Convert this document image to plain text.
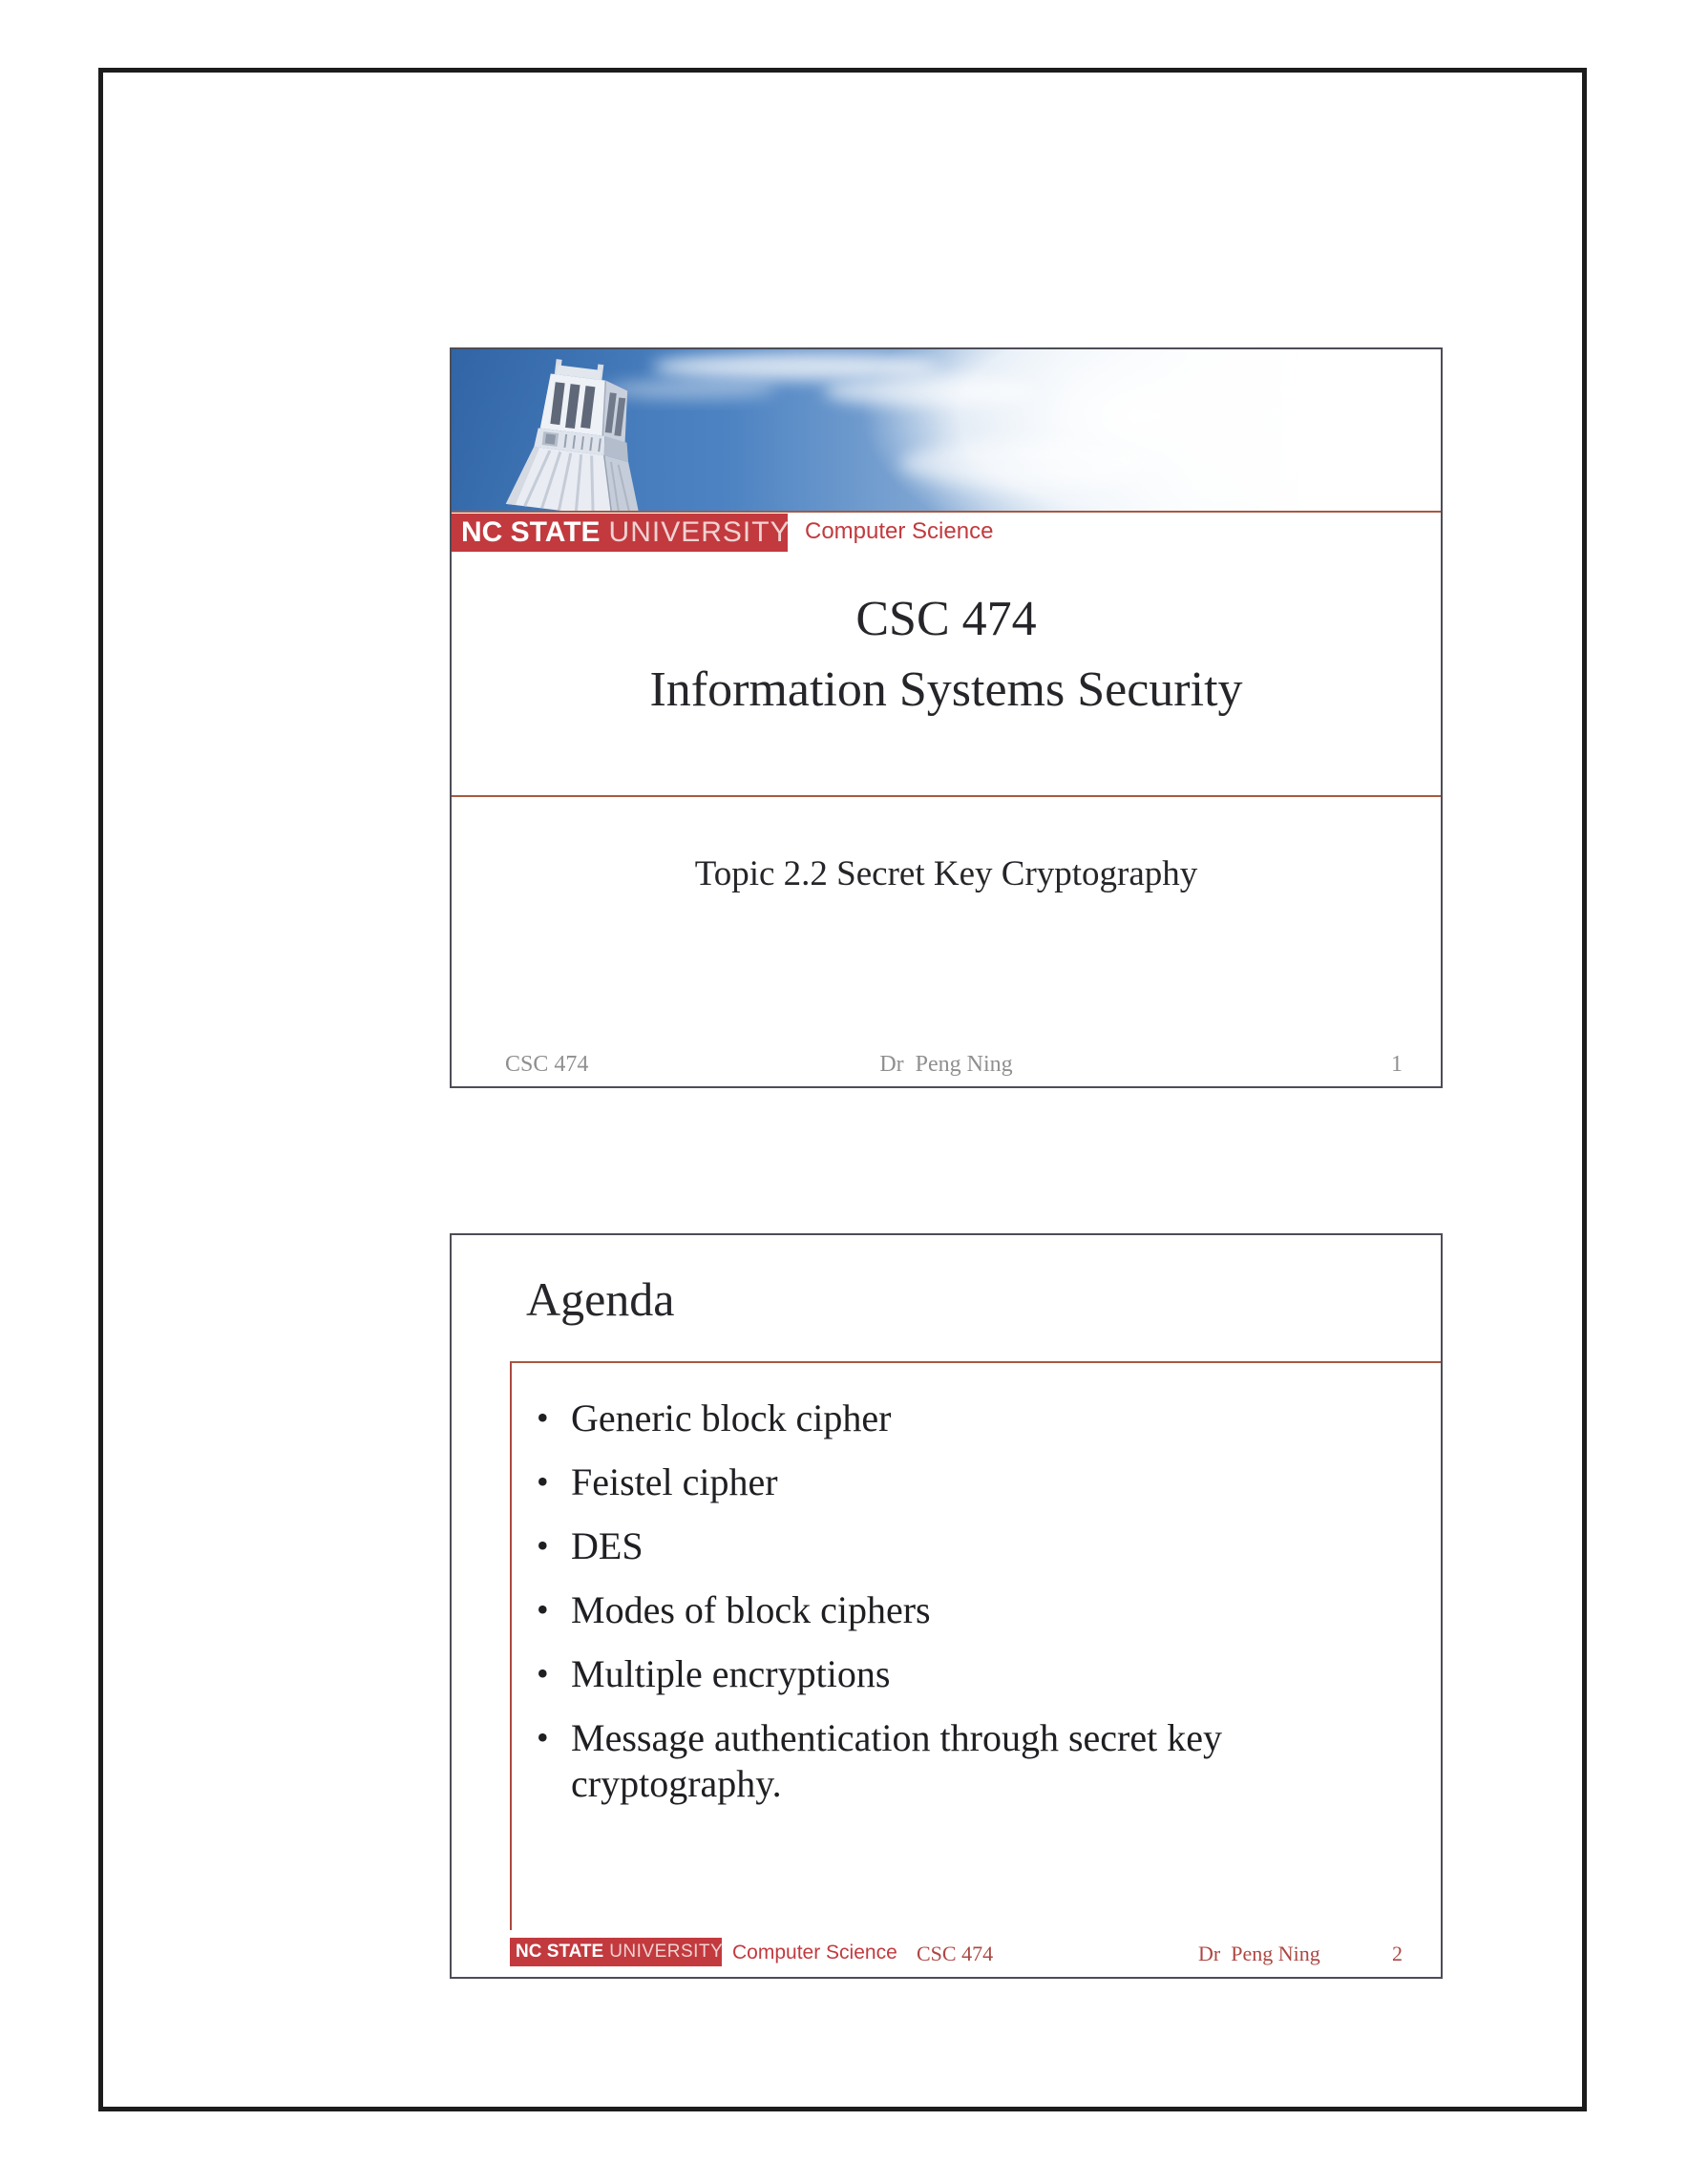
NC STATE UNIVERSITY Computer Science
CSC 474
Information Systems Security
Topic 2.2 Secret Key Cryptography
CSC 474	Dr  Peng Ning	1
Agenda
• Generic block cipher
• Feistel cipher
• DES
• Modes of block ciphers
• Multiple encryptions
• Message authentication through secret key cryptography.
NC STATE UNIVERSITY Computer Science CSC 474	Dr  Peng Ning	2
